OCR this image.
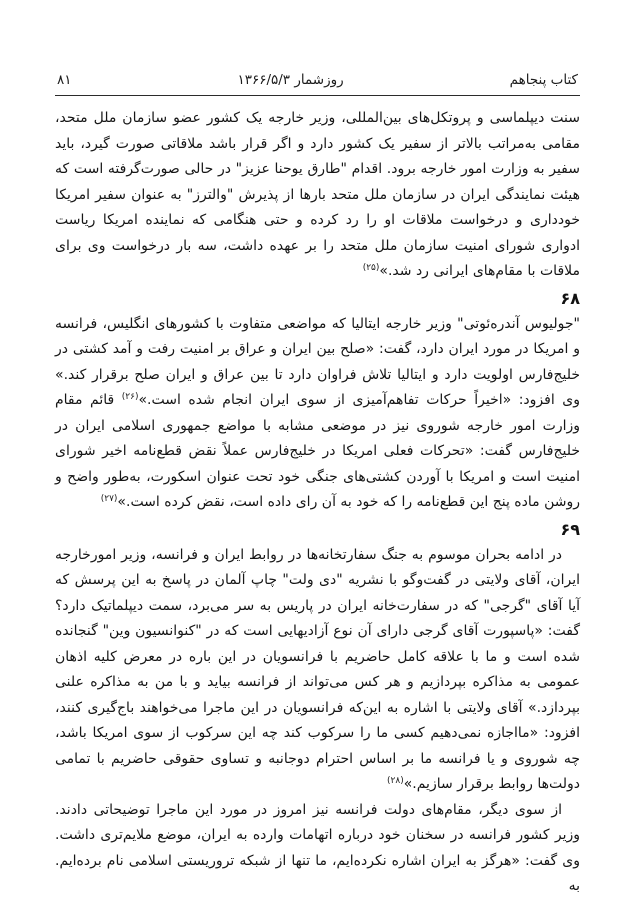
کتاب پنجاهم
روزشمار ۱۳۶۶/۵/۳
۸۱

سنت دیپلماسی و پروتکل‌های بین‌المللی، وزیر خارجه یک کشور عضو سازمان ملل متحد، مقامی به‌مراتب بالاتر از سفیر یک کشور دارد و اگر قرار باشد ملاقاتی صورت گیرد، باید سفیر به وزارت امور خارجه برود. اقدام "طارق یوحنا عزیز" در حالی صورت‌گرفته است که هیئت نمایندگی ایران در سازمان ملل متحد بارها از پذیرش "والترز" به عنوان سفیر امریکا خودداری و درخواست ملاقات او را رد کرده و حتی هنگامی که نماینده امریکا ریاست ادواری شورای امنیت سازمان ملل متحد را بر عهده داشت، سه بار درخواست وی برای ملاقات با مقام‌های ایرانی رد شد.»$^{(۲۵)}$

۶۸

"جولیوس آندره‌ئوتی" وزیر خارجه ایتالیا که مواضعی متفاوت با کشورهای انگلیس، فرانسه و امریکا در مورد ایران دارد، گفت: «صلح بین ایران و عراق بر امنیت رفت و آمد کشتی در خلیج‌فارس اولویت دارد و ایتالیا تلاش فراوان دارد تا بین عراق و ایران صلح برقرار کند.» وی افزود: «اخیراً حرکات تفاهم‌آمیزی از سوی ایران انجام شده است.»$^{(۲۶)}$ قائم مقام وزارت امور خارجه شوروی نیز در موضعی مشابه با مواضع جمهوری اسلامی ایران در خلیج‌فارس گفت: «تحرکات فعلی امریکا در خلیج‌فارس عملاً نقض قطع‌نامه اخیر شورای امنیت است و امریکا با آوردن کشتی‌های جنگی خود تحت عنوان اسکورت، به‌طور واضح و روشن ماده پنج این قطع‌نامه را که خود به آن رای داده است، نقض کرده است.»$^{(۲۷)}$

۶۹

در ادامه بحران موسوم به جنگ سفارتخانه‌ها در روابط ایران و فرانسه، وزیر امورخارجه ایران، آقای ولایتی در گفت‌وگو با نشریه "دی ولت" چاپ آلمان در پاسخ به این پرسش که آیا آقای "گرجی" که در سفارت‌خانه ایران در پاریس به سر می‌برد، سمت دیپلماتیک دارد؟ گفت: «پاسپورت آقای گرجی دارای آن نوع آزادیهایی است که در "کنوانسیون وین" گنجانده شده است و ما با علاقه کامل حاضریم با فرانسویان در این باره در معرض کلیه اذهان عمومی به مذاکره بپردازیم و هر کس می‌تواند از فرانسه بیاید و با من به مذاکره علنی بپردازد.» آقای ولایتی با اشاره به این‌که فرانسویان در این ماجرا می‌خواهند باج‌گیری کنند، افزود: «مااجازه نمی‌دهیم کسی ما را سرکوب کند چه این سرکوب از سوی امریکا باشد، چه شوروی و یا فرانسه ما بر اساس احترام دوجانبه و تساوی حقوقی حاضریم با تمامی دولت‌ها روابط برقرار سازیم.»$^{(۲۸)}$

از سوی دیگر، مقام‌های دولت فرانسه نیز امروز در مورد این ماجرا توضیحاتی دادند. وزیر کشور فرانسه در سخنان خود درباره اتهامات وارده به ایران، موضع ملایم‌تری داشت. وی گفت: «هرگز به ایران اشاره نکرده‌ایم، ما تنها از شبکه تروریستی اسلامی نام برده‌ایم. به
